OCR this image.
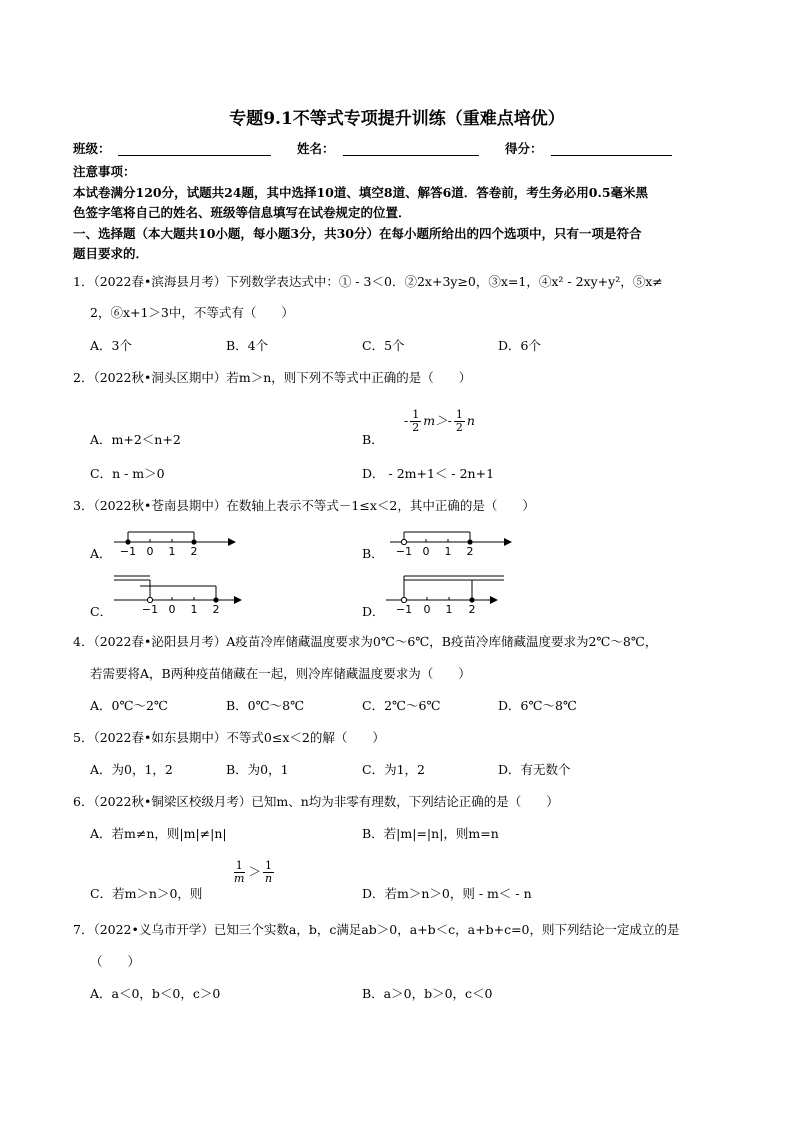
专题9.1不等式专项提升训练（重难点培优）
班级：	姓名：	得分：
注意事项：
本试卷满分120分，试题共24题，其中选择10道、填空8道、解答6道．答卷前，考生务必用0.5毫米黑
色签字笔将自己的姓名、班级等信息填写在试卷规定的位置．
一、选择题（本大题共10小题，每小题3分，共30分）在每小题所给出的四个选项中，只有一项是符合
题目要求的．
1．（2022春•滨海县月考）下列数学表达式中：① - 3＜0．②2x+3y≥0，③x=1，④x² - 2xy+y²，⑤x≠
2，⑥x+1＞3中，不等式有（　　）
A．3个	B．4个	C．5个	D．6个
2．（2022秋•洞头区期中）若m＞n，则下列不等式中正确的是（　　）
A．m+2＜n+2	B．
- $\frac{1}{2} m>- \frac{1}{2}$ n
C．n - m＞0	D． - 2m+1＜ - 2n+1
3．（2022秋•苍南县期中）在数轴上表示不等式－1≤x＜2，其中正确的是（　　）
A． −1 0 1 2	B． −1 0 1 2
C．	−1 0 1 2	D． −1 0 1 2
4．（2022春•泌阳县月考）A疫苗冷库储藏温度要求为0℃～6℃，B疫苗冷库储藏温度要求为2℃～8℃，
若需要将A，B两种疫苗储藏在一起，则冷库储藏温度要求为（　　）
A．0℃～2℃	B．0℃～8℃	C．2℃～6℃	D．6℃～8℃
5．（2022春•如东县期中）不等式0≤x＜2的解（　　）
A．为0，1，2	B．为0，1	C．为1，2	D．有无数个
6．（2022秋•铜梁区校级月考）已知m、n均为非零有理数，下列结论正确的是（　　）
A．若m≠n，则|m|≠|n|	B．若|m|=|n|，则m=n
C．若m＞n＞0，则
$\frac{1}{m} > \frac{1}{n}$
D．若m＞n＞0，则 - m＜ - n
7．（2022•义乌市开学）已知三个实数a，b，c满足ab＞0，a+b＜c，a+b+c=0，则下列结论一定成立的是
（　　）
A．a＜0，b＜0，c＞0	B．a＞0，b＞0，c＜0
